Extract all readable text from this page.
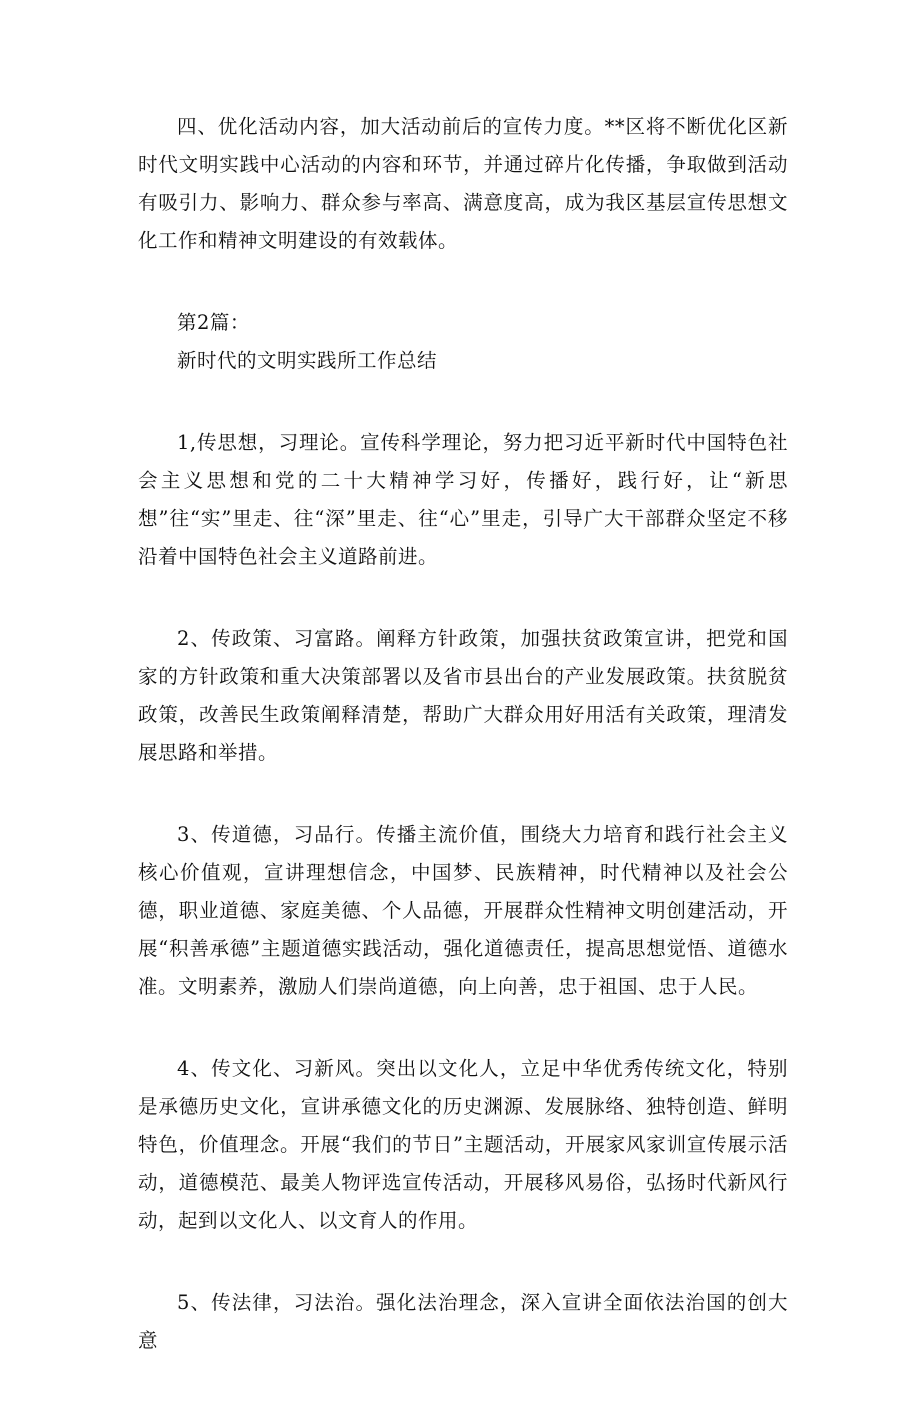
四、优化活动内容，加大活动前后的宣传力度。**区将不断优化区新时代文明实践中心活动的内容和环节，并通过碎片化传播，争取做到活动有吸引力、影响力、群众参与率高、满意度高，成为我区基层宣传思想文化工作和精神文明建设的有效载体。

第2篇：
新时代的文明实践所工作总结

1,传思想，习理论。宣传科学理论，努力把习近平新时代中国特色社会主义思想和党的二十大精神学习好，传播好，践行好，让“新思想”往“实”里走、往“深”里走、往“心”里走，引导广大干部群众坚定不移沿着中国特色社会主义道路前进。

2、传政策、习富路。阐释方针政策，加强扶贫政策宣讲，把党和国家的方针政策和重大决策部署以及省市县出台的产业发展政策。扶贫脱贫政策，改善民生政策阐释清楚，帮助广大群众用好用活有关政策，理清发展思路和举措。

3、传道德，习品行。传播主流价值，围绕大力培育和践行社会主义核心价值观，宣讲理想信念，中国梦、民族精神，时代精神以及社会公德，职业道德、家庭美德、个人品德，开展群众性精神文明创建活动，开展“积善承德”主题道德实践活动，强化道德责任，提高思想觉悟、道德水准。文明素养，激励人们崇尚道德，向上向善，忠于祖国、忠于人民。

4、传文化、习新风。突出以文化人，立足中华优秀传统文化，特别是承德历史文化，宣讲承德文化的历史渊源、发展脉络、独特创造、鲜明特色，价值理念。开展“我们的节日”主题活动，开展家风家训宣传展示活动，道德模范、最美人物评选宣传活动，开展移风易俗，弘扬时代新风行动，起到以文化人、以文育人的作用。

5、传法律，习法治。强化法治理念，深入宣讲全面依法治国的创大意
